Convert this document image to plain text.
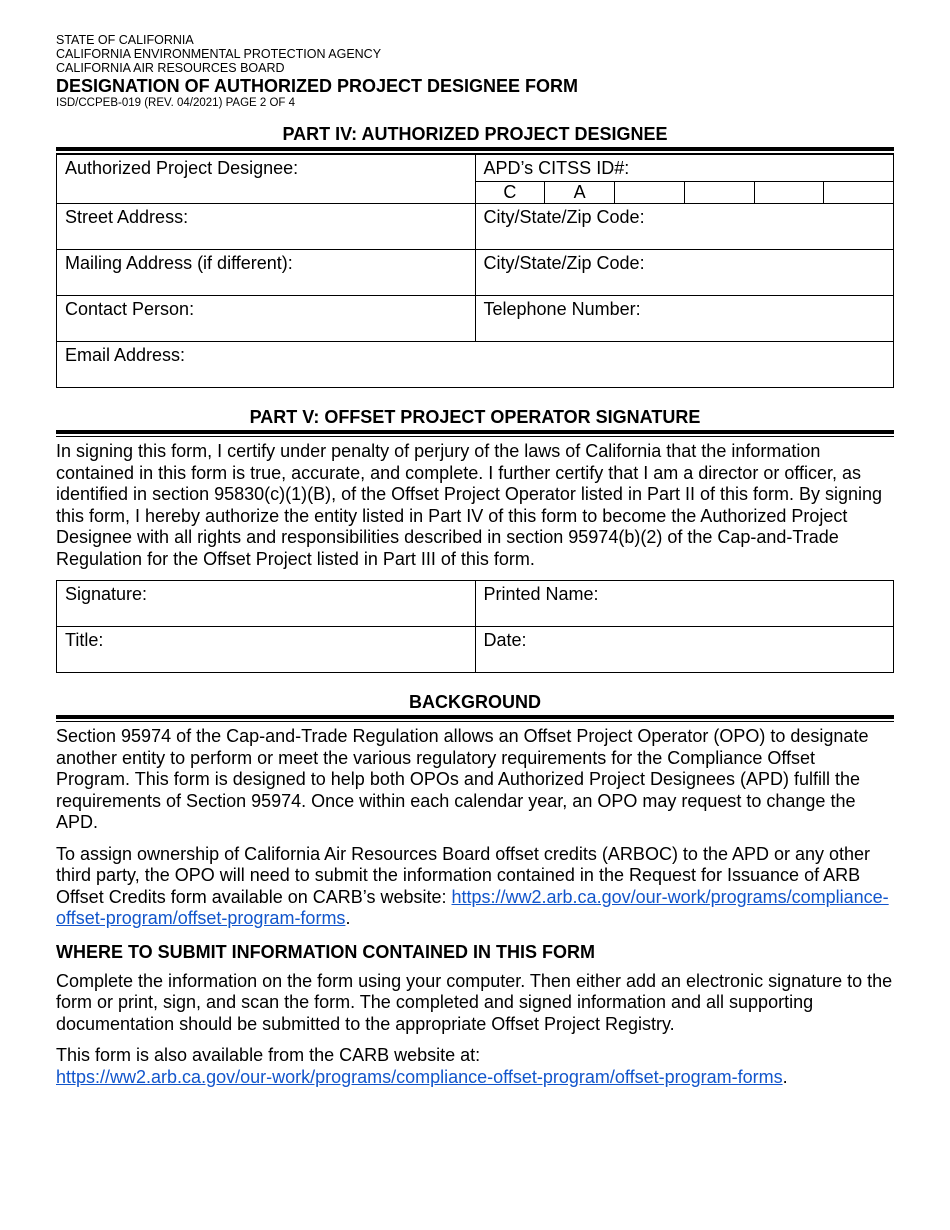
STATE OF CALIFORNIA

CALIFORNIA ENVIRONMENTAL PROTECTION AGENCY

CALIFORNIA AIR RESOURCES BOARD

DESIGNATION OF AUTHORIZED PROJECT DESIGNEE FORM

ISD/CCPEB-019 (REV. 04/2021) PAGE 2 OF 4

PART IV: AUTHORIZED PROJECT DESIGNEE
Authorized Project Designee:	APD’s CITSS ID#:
C A

Street Address:	City/State/Zip Code:
Mailing Address (if different):	City/State/Zip Code:
Contact Person:	Telephone Number:
Email Address:	
PART V: OFFSET PROJECT OPERATOR SIGNATURE

In signing this form, I certify under penalty of perjury of the laws of California that the information contained in this form is true, accurate, and complete. I further certify that I am a director or officer, as identified in section 95830(c)(1)(B), of the Offset Project Operator listed in Part II of this form. By signing this form, I hereby authorize the entity listed in Part IV of this form to become the Authorized Project Designee with all rights and responsibilities described in section 95974(b)(2) of the Cap-and-Trade Regulation for the Offset Project listed in Part III of this form.

Signature:	Printed Name:
Title:	Date:
BACKGROUND

Section 95974 of the Cap-and-Trade Regulation allows an Offset Project Operator (OPO) to designate another entity to perform or meet the various regulatory requirements for the Compliance Offset Program. This form is designed to help both OPOs and Authorized Project Designees (APD) fulfill the requirements of Section 95974. Once within each calendar year, an OPO may request to change the APD.

To assign ownership of California Air Resources Board offset credits (ARBOC) to the APD or any other third party, the OPO will need to submit the information contained in the Request for Issuance of ARB Offset Credits form available on CARB’s website: https://ww2.arb.ca.gov/our-work/programs/compliance-offset-program/offset-program-forms.

WHERE TO SUBMIT INFORMATION CONTAINED IN THIS FORM

Complete the information on the form using your computer. Then either add an electronic signature to the form or print, sign, and scan the form. The completed and signed information and all supporting documentation should be submitted to the appropriate Offset Project Registry.

This form is also available from the CARB website at:
https://ww2.arb.ca.gov/our-work/programs/compliance-offset-program/offset-program-forms.
